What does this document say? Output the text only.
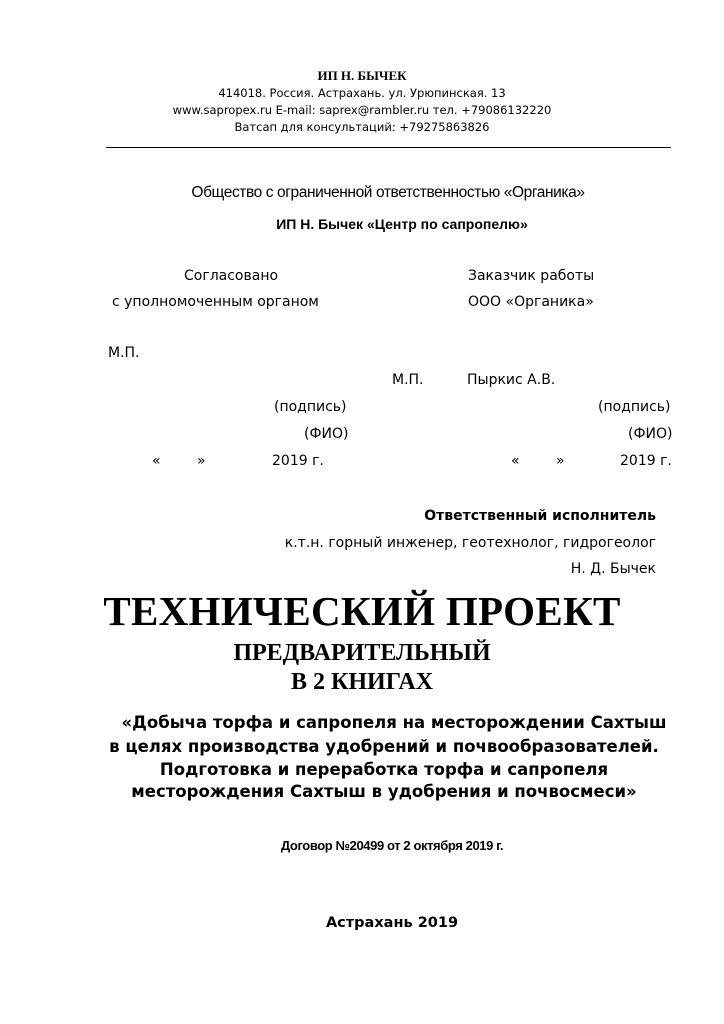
ИП Н. БЫЧЕК
414018. Россия. Астрахань. ул. Урюпинская. 13
www.sapropex.ru E-mail: saprex@rambler.ru тел. +79086132220
Ватсап для консультаций: +79275863826
Общество с ограниченной ответственностью «Органика»
ИП Н. Бычек «Центр по сапропелю»
Согласовано
с уполномоченным органом
М.П.
(подпись)
(ФИО)
«	»	2019 г.
Заказчик работы
ООО «Органика»
М.П.	Пыркис А.В.
(подпись)
(ФИО)
«	»	2019 г.
Ответственный исполнитель
к.т.н. горный инженер, геотехнолог, гидрогеолог
Н. Д. Бычек
ТЕХНИЧЕСКИЙ ПРОЕКТ
ПРЕДВАРИТЕЛЬНЫЙ
В 2 КНИГАХ
«Добыча торфа и сапропеля на месторождении Сахтыш
в целях производства удобрений и почвообразователей.
Подготовка и переработка торфа и сапропеля
месторождения Сахтыш в удобрения и почвосмеси»
Договор №20499 от 2 октября 2019 г.
Астрахань 2019
